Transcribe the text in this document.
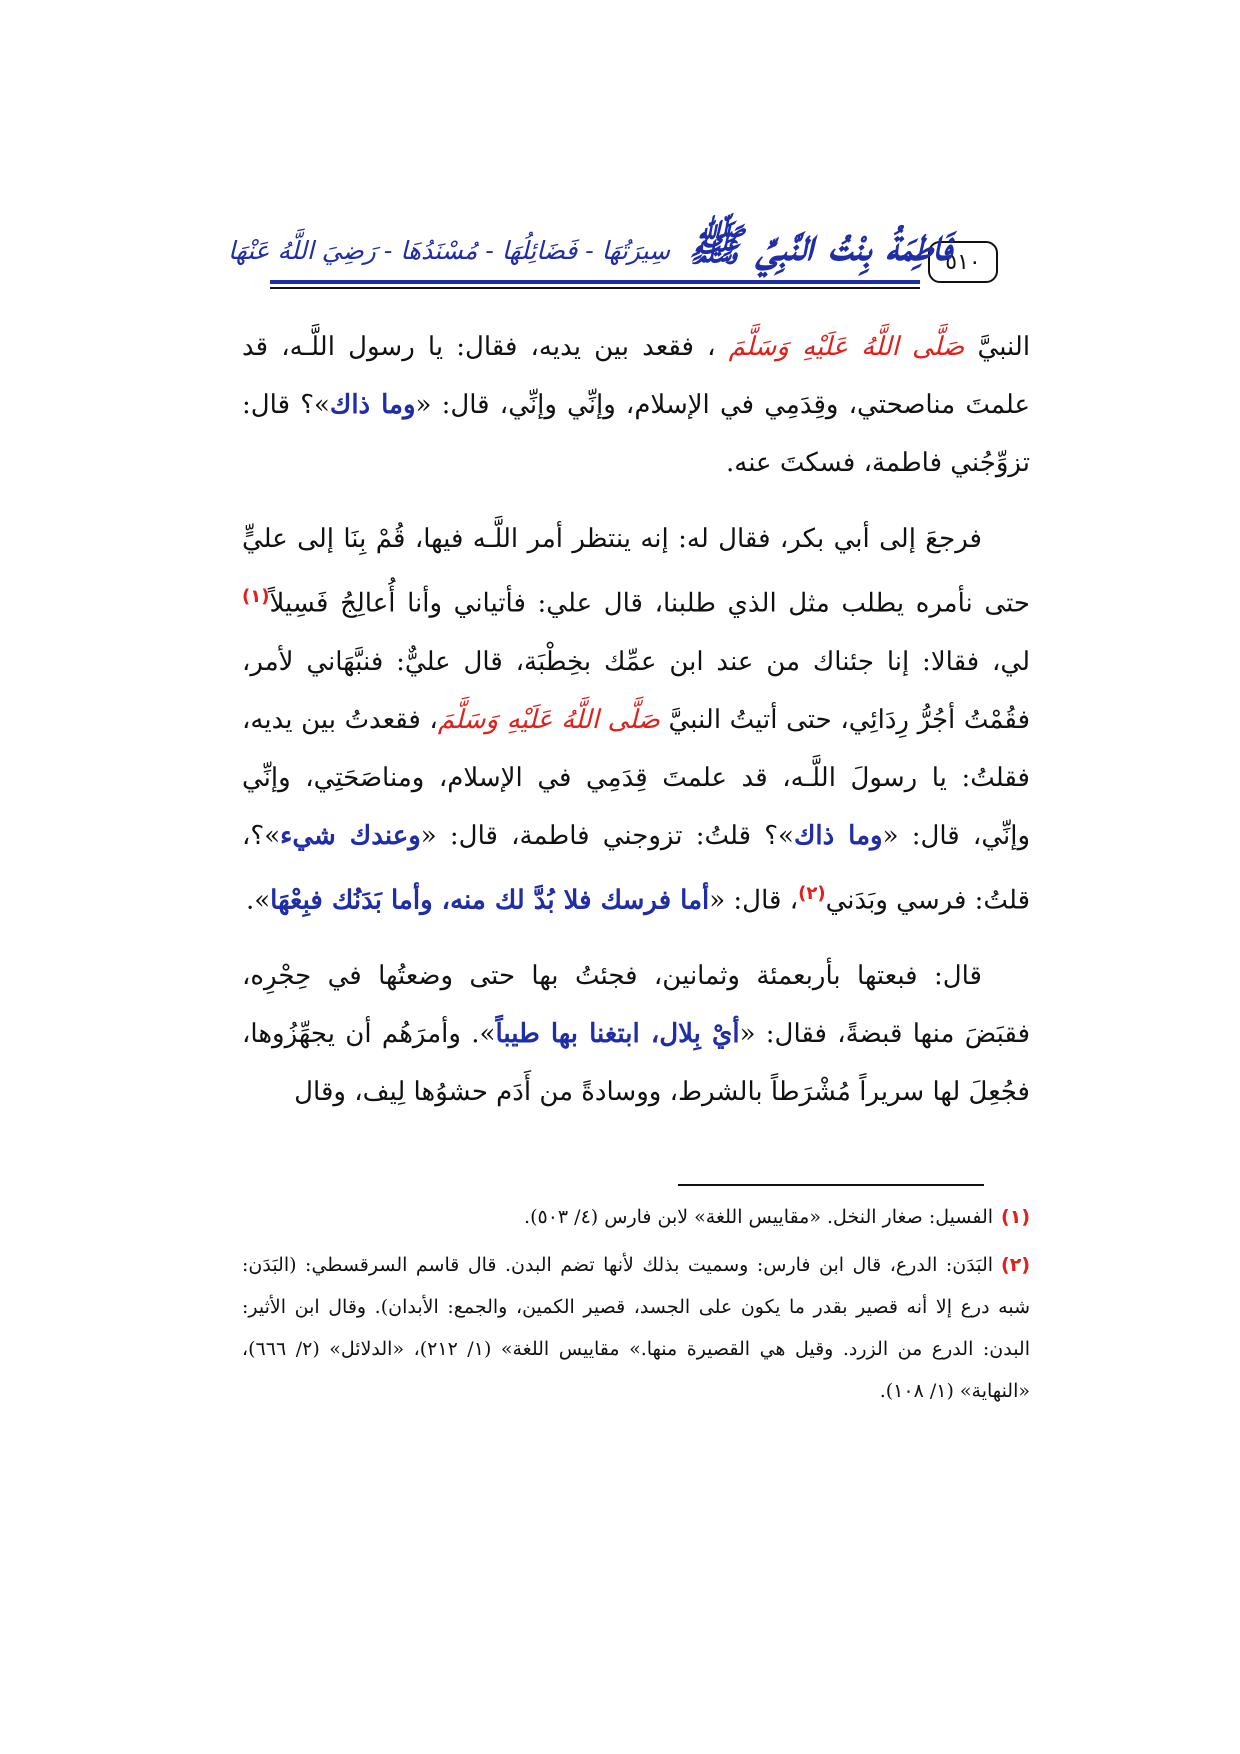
٥١٠
فَاطِمَةُ بِنْتُ النَّبِيِّ ﷺ
سِيرَتُهَا - فَضَائِلُهَا - مُسْنَدُهَا - رَضِيَ اللَّهُ عَنْهَا

النبيَّ صَلَّى اللَّهُ عَلَيْهِ وَسَلَّمَ ، فقعد بين يديه، فقال: يا رسول اللَّـه، قد علمتَ مناصحتي، وقِدَمِي في الإسلام، وإنِّي وإنِّي، قال: «وما ذاك»؟ قال: تزوِّجُني فاطمة، فسكتَ عنه.

فرجعَ إلى أبي بكر، فقال له: إنه ينتظر أمر اللَّـه فيها، قُمْ بِنَا إلى عليٍّ حتى نأمره يطلب مثل الذي طلبنا، قال علي: فأتياني وأنا أُعالِجُ فَسِيلاً$^{(١)}$ لي، فقالا: إنا جئناك من عند ابن عمِّك بخِطْبَة، قال عليٌّ: فنبَّهَاني لأمر، فقُمْتُ أجُرُّ رِدَائِي، حتى أتيتُ النبيَّ صَلَّى اللَّهُ عَلَيْهِ وَسَلَّمَ، فقعدتُ بين يديه، فقلتُ: يا رسولَ اللَّـه، قد علمتَ قِدَمِي في الإسلام، ومناصَحَتِي، وإنِّي وإنِّي، قال: «وما ذاك»؟ قلتُ: تزوجني فاطمة، قال: «وعندك شيء»؟، قلتُ: فرسي وبَدَني$^{(٢)}$، قال: «أما فرسك فلا بُدَّ لك منه، وأما بَدَنُك فبِعْهَا».

قال: فبعتها بأربعمئة وثمانين، فجئتُ بها حتى وضعتُها في حِجْرِه، فقبَضَ منها قبضةً، فقال: «أيْ بِلال، ابتغنا بها طيباً». وأمرَهُم أن يجهِّزُوها، فجُعِلَ لها سريراً مُشْرَطاً بالشرط، ووسادةً من أَدَم حشوُها لِيف، وقال

(١)الفسيل: صغار النخل. «مقاييس اللغة» لابن فارس (٤/ ٥٠٣).

(٢)البَدَن: الدرع، قال ابن فارس: وسميت بذلك لأنها تضم البدن. قال قاسم السرقسطي: (البَدَن: شبه درع إلا أنه قصير بقدر ما يكون على الجسد، قصير الكمين، والجمع: الأبدان). وقال ابن الأثير: البدن: الدرع من الزرد. وقيل هي القصيرة منها.» مقاييس اللغة» (١/ ٢١٢)، «الدلائل» (٢/ ٦٦٦)، «النهاية» (١/ ١٠٨).
